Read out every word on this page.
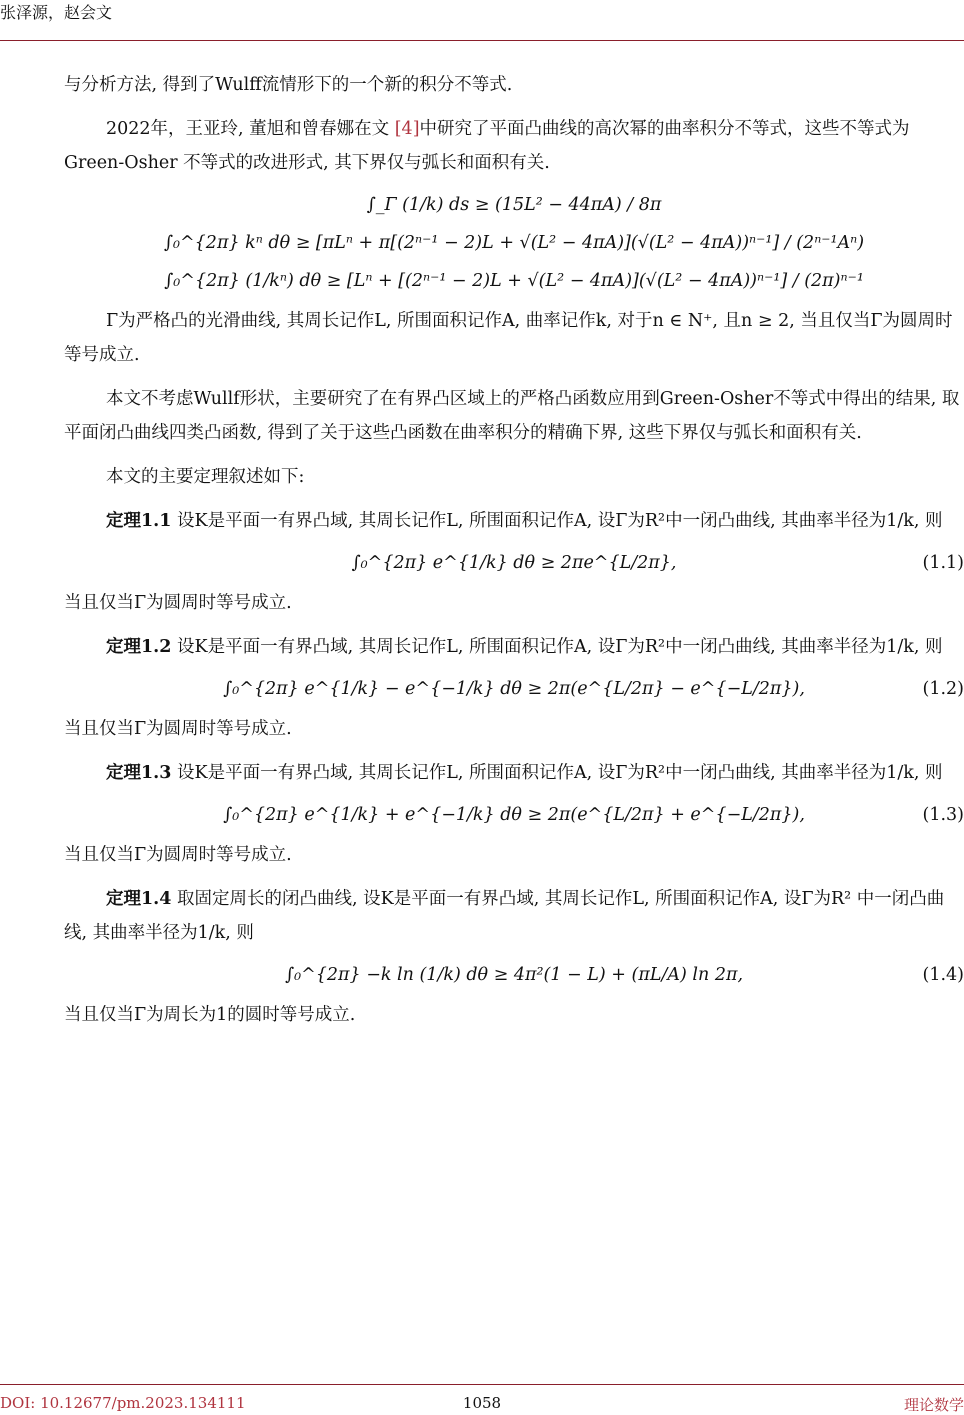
张泽源，赵会文

与分析方法, 得到了Wulff流情形下的一个新的积分不等式.

2022年，王亚玲, 董旭和曾春娜在文 [4]中研究了平面凸曲线的高次幂的曲率积分不等式，这些不等式为Green-Osher 不等式的改进形式, 其下界仅与弧长和面积有关.

∫_Γ (1/k) ds ≥ (15L² − 44πA) / 8π
∫₀^{2π} kⁿ dθ ≥ [πLⁿ + π[(2ⁿ⁻¹ − 2)L + √(L² − 4πA)](√(L² − 4πA))ⁿ⁻¹] / (2ⁿ⁻¹Aⁿ)
∫₀^{2π} (1/kⁿ) dθ ≥ [Lⁿ + [(2ⁿ⁻¹ − 2)L + √(L² − 4πA)](√(L² − 4πA))ⁿ⁻¹] / (2π)ⁿ⁻¹

Γ为严格凸的光滑曲线, 其周长记作L, 所围面积记作A, 曲率记作k, 对于n ∈ N⁺, 且n ≥ 2, 当且仅当Γ为圆周时等号成立.

本文不考虑Wullf形状，主要研究了在有界凸区域上的严格凸函数应用到Green-Osher不等式中得出的结果, 取平面闭凸曲线四类凸函数, 得到了关于这些凸函数在曲率积分的精确下界, 这些下界仅与弧长和面积有关.

本文的主要定理叙述如下:

定理1.1 设K是平面一有界凸域, 其周长记作L, 所围面积记作A, 设Γ为R²中一闭凸曲线, 其曲率半径为1/k, 则

∫₀^{2π} e^{1/k} dθ ≥ 2πe^{L/2π},	(1.1)

当且仅当Γ为圆周时等号成立.

定理1.2 设K是平面一有界凸域, 其周长记作L, 所围面积记作A, 设Γ为R²中一闭凸曲线, 其曲率半径为1/k, 则

∫₀^{2π} e^{1/k} − e^{−1/k} dθ ≥ 2π(e^{L/2π} − e^{−L/2π}),	(1.2)

当且仅当Γ为圆周时等号成立.

定理1.3 设K是平面一有界凸域, 其周长记作L, 所围面积记作A, 设Γ为R²中一闭凸曲线, 其曲率半径为1/k, 则

∫₀^{2π} e^{1/k} + e^{−1/k} dθ ≥ 2π(e^{L/2π} + e^{−L/2π}),	(1.3)

当且仅当Γ为圆周时等号成立.

定理1.4 取固定周长的闭凸曲线, 设K是平面一有界凸域, 其周长记作L, 所围面积记作A, 设Γ为R² 中一闭凸曲线, 其曲率半径为1/k, 则

∫₀^{2π} −k ln (1/k) dθ ≥ 4π²(1 − L) + (πL/A) ln 2π,	(1.4)

当且仅当Γ为周长为1的圆时等号成立.

DOI: 10.12677/pm.2023.134111	1058	理论数学
